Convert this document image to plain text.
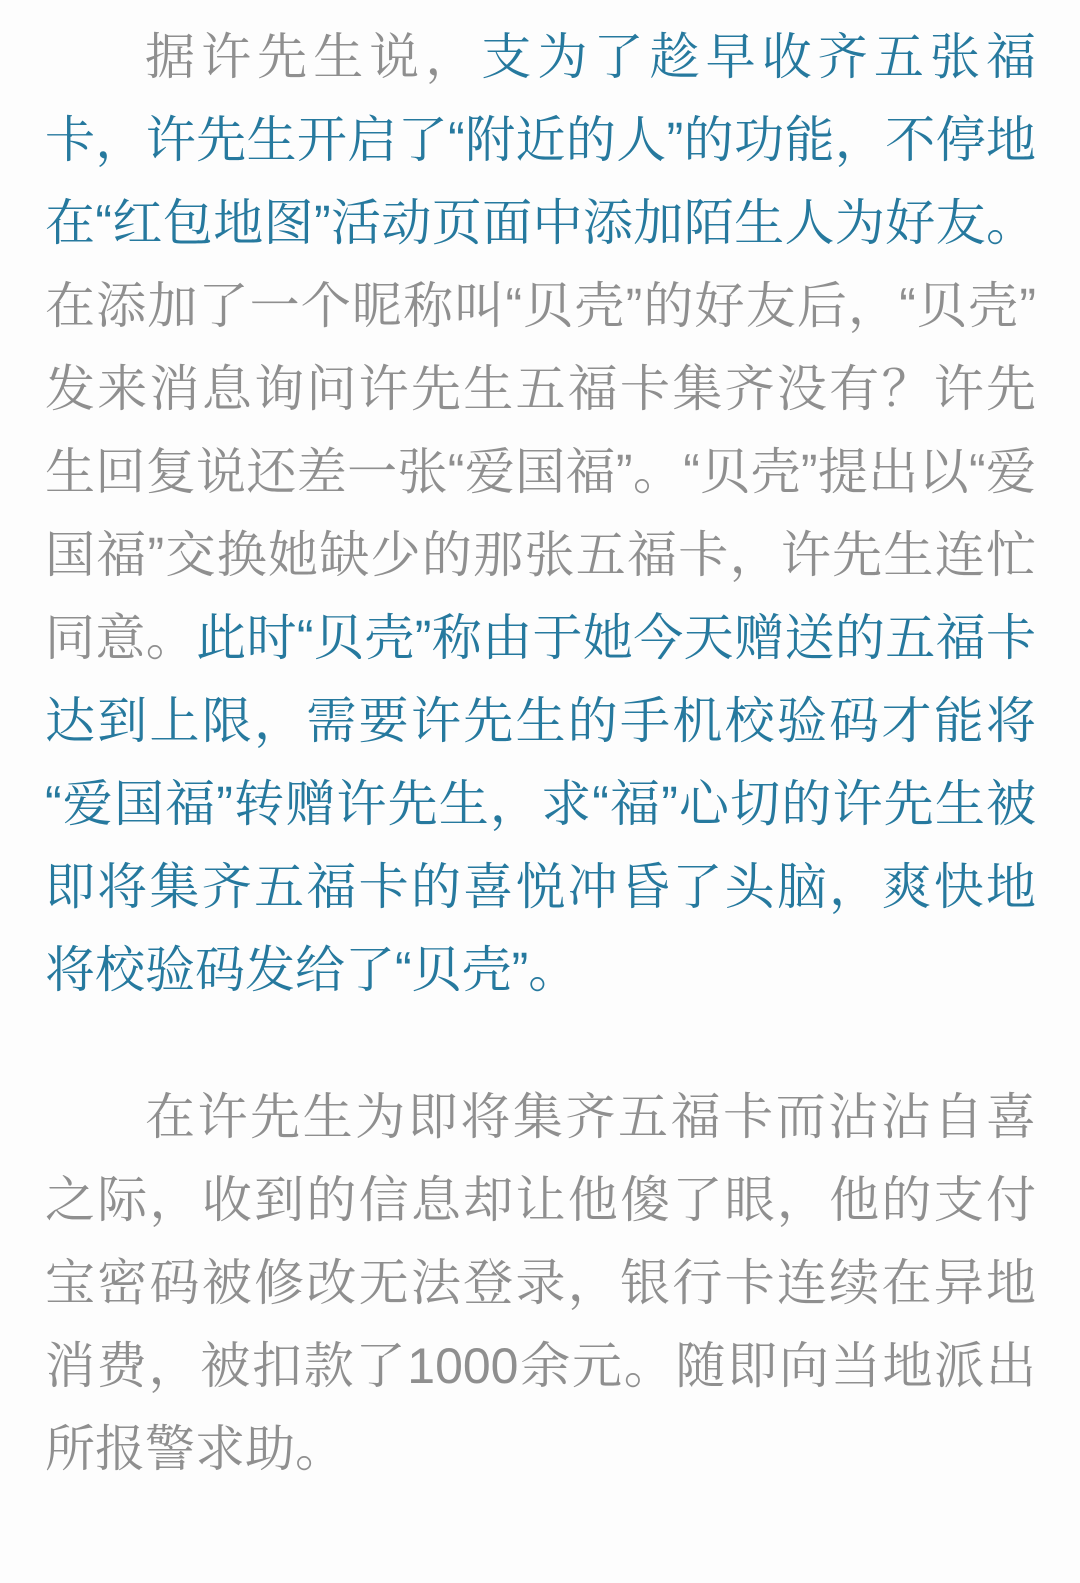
据许先生说，支为了趁早收齐五张福卡，许先生开启了“附近的人”的功能，不停地在“红包地图”活动页面中添加陌生人为好友。在添加了一个昵称叫“贝壳”的好友后，“贝壳”发来消息询问许先生五福卡集齐没有？许先生回复说还差一张“爱国福”。“贝壳”提出以“爱国福”交换她缺少的那张五福卡，许先生连忙同意。此时“贝壳”称由于她今天赠送的五福卡达到上限，需要许先生的手机校验码才能将“爱国福”转赠许先生，求“福”心切的许先生被即将集齐五福卡的喜悦冲昏了头脑，爽快地将校验码发给了“贝壳”。

在许先生为即将集齐五福卡而沾沾自喜之际，收到的信息却让他傻了眼，他的支付宝密码被修改无法登录，银行卡连续在异地消费，被扣款了1000余元。随即向当地派出所报警求助。
